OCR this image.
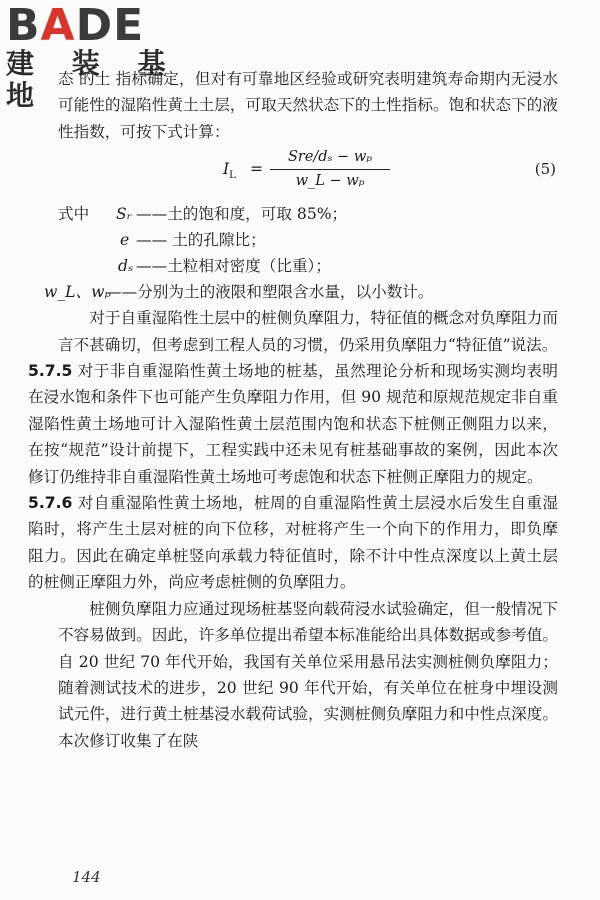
BADE
建 装 基 地 态 的土 指标确定，但对有可靠地区经验或研究表明建筑寿命期内无浸水可能性的湿陷性黄土土层，可取天然状态下的土性指标。饱和状态下的液性指数，可按下式计算：

$I_L$ =
Srе/dₛ − wₚ
w_L − wₚ
(5)
式中 Sᵣ ——土的饱和度，可取 85%；
e —— 土的孔隙比；
dₛ ——土粒相对密度（比重）；
w_L、wₚ
——分别为土的液限和塑限含水量，以小数计。

对于自重湿陷性土层中的桩侧负摩阻力，特征值的概念对负摩阻力而言不甚确切，但考虑到工程人员的习惯，仍采用负摩阻力“特征值”说法。

5.7.5 对于非自重湿陷性黄土场地的桩基，虽然理论分析和现场实测均表明在浸水饱和条件下也可能产生负摩阻力作用，但 90 规范和原规范规定非自重湿陷性黄土场地可计入湿陷性黄土层范围内饱和状态下桩侧正侧阻力以来，在按“规范”设计前提下，工程实践中还未见有桩基础事故的案例，因此本次修订仍维持非自重湿陷性黄土场地可考虑饱和状态下桩侧正摩阻力的规定。

5.7.6 对自重湿陷性黄土场地，桩周的自重湿陷性黄土层浸水后发生自重湿陷时，将产生土层对桩的向下位移，对桩将产生一个向下的作用力，即负摩阻力。因此在确定单桩竖向承载力特征值时，除不计中性点深度以上黄土层的桩侧正摩阻力外，尚应考虑桩侧的负摩阻力。

桩侧负摩阻力应通过现场桩基竖向载荷浸水试验确定，但一般情况下不容易做到。因此，许多单位提出希望本标准能给出具体数据或参考值。自 20 世纪 70 年代开始，我国有关单位采用悬吊法实测桩侧负摩阻力；随着测试技术的进步，20 世纪 90 年代开始，有关单位在桩身中埋设测试元件，进行黄土桩基浸水载荷试验，实测桩侧负摩阻力和中性点深度。本次修订收集了在陕

144
